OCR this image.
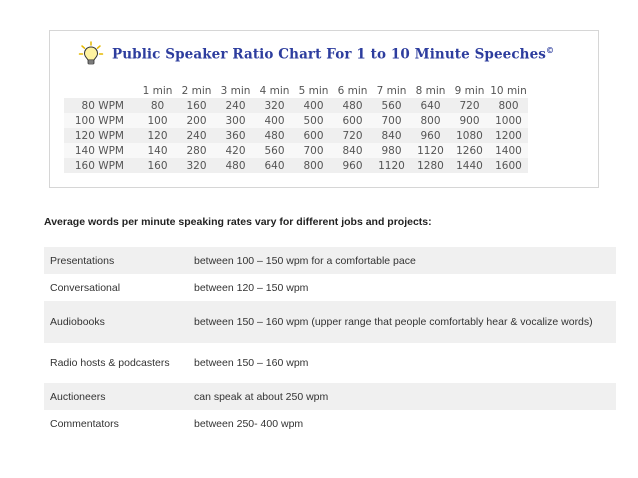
Public Speaker Ratio Chart For 1 to 10 Minute Speeches©
	1 min	2 min	3 min	4 min	5 min	6 min	7 min	8 min	9 min	10 min
80 WPM	80	160	240	320	400	480	560	640	720	800
100 WPM	100	200	300	400	500	600	700	800	900	1000
120 WPM	120	240	360	480	600	720	840	960	1080	1200
140 WPM	140	280	420	560	700	840	980	1120	1260	1400
160 WPM	160	320	480	640	800	960	1120	1280	1440	1600
Average words per minute speaking rates vary for different jobs and projects:
Presentations	between 100 – 150 wpm for a comfortable pace
Conversational	between 120 – 150 wpm
Audiobooks	between 150 – 160 wpm (upper range that people comfortably hear & vocalize words)
Radio hosts & podcasters	between 150 – 160 wpm
Auctioneers	can speak at about 250 wpm
Commentators	between 250- 400 wpm
